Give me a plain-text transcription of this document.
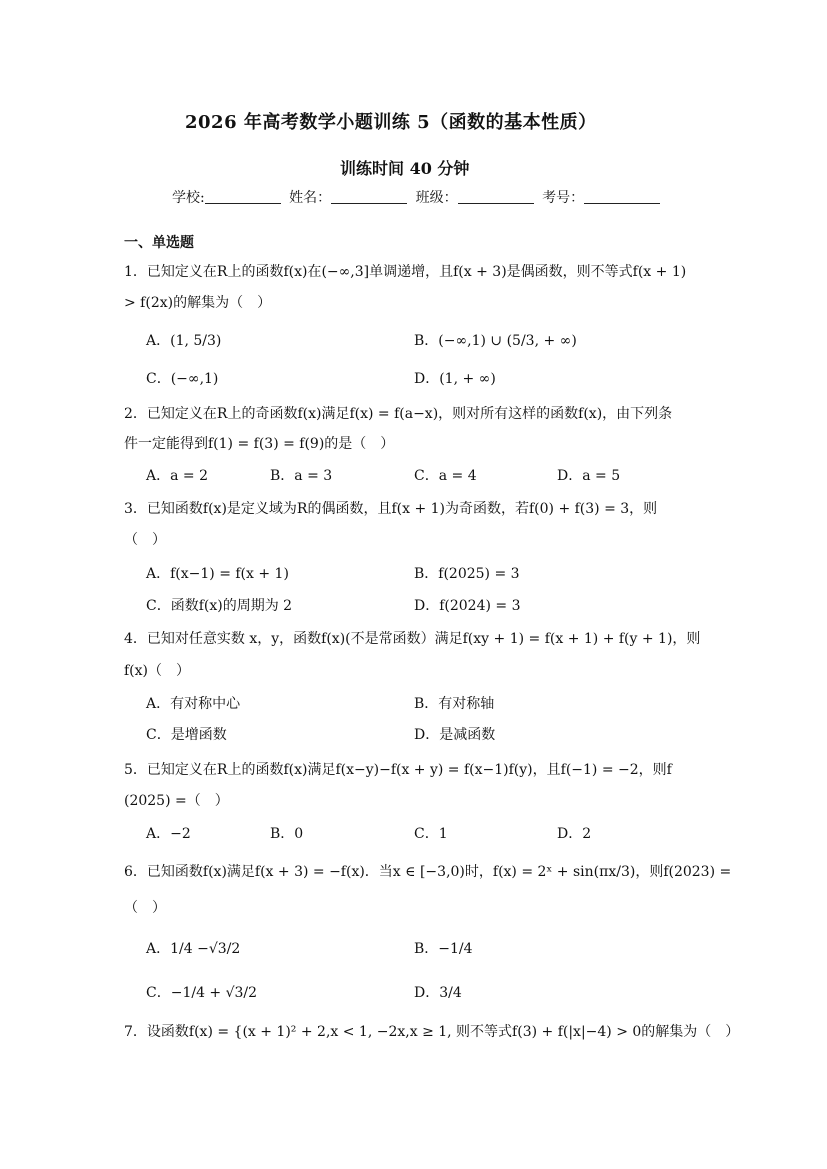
2026 年高考数学小题训练 5（函数的基本性质）
训练时间 40 分钟
学校:	姓名：	班级：	考号：
一、单选题
1．已知定义在R上的函数f(x)在(−∞,3]单调递增，且f(x + 3)是偶函数，则不等式f(x + 1)
> f(2x)的解集为（　）
A．(1, 5/3)	B．(−∞,1) ∪ (5/3, + ∞)
C．(−∞,1)	D．(1, + ∞)
2．已知定义在R上的奇函数f(x)满足f(x) = f(a−x)，则对所有这样的函数f(x)，由下列条
件一定能得到f(1) = f(3) = f(9)的是（　）
A．a = 2	B．a = 3	C．a = 4	D．a = 5
3．已知函数f(x)是定义域为R的偶函数，且f(x + 1)为奇函数，若f(0) + f(3) = 3，则
（　）
A．f(x−1) = f(x + 1)	B．f(2025) = 3
C．函数f(x)的周期为 2	D．f(2024) = 3
4．已知对任意实数 x，y，函数f(x)(不是常函数）满足f(xy + 1) = f(x + 1) + f(y + 1)，则
f(x)（　）
A．有对称中心	B．有对称轴
C．是增函数	D．是减函数
5．已知定义在R上的函数f(x)满足f(x−y)−f(x + y) = f(x−1)f(y)，且f(−1) = −2，则f
(2025) =（　）
A．−2	B．0	C．1	D．2
6．已知函数f(x)满足f(x + 3) = −f(x)．当x ∈ [−3,0)时，f(x) = 2ˣ + sin(πx/3)，则f(2023) =
（　）
A．1/4 −√3/2	B．−1/4
C．−1/4 + √3/2	D．3/4
7．设函数f(x) = {(x + 1)² + 2,x < 1, −2x,x ≥ 1, 则不等式f(3) + f(|x|−4) > 0的解集为（　）
